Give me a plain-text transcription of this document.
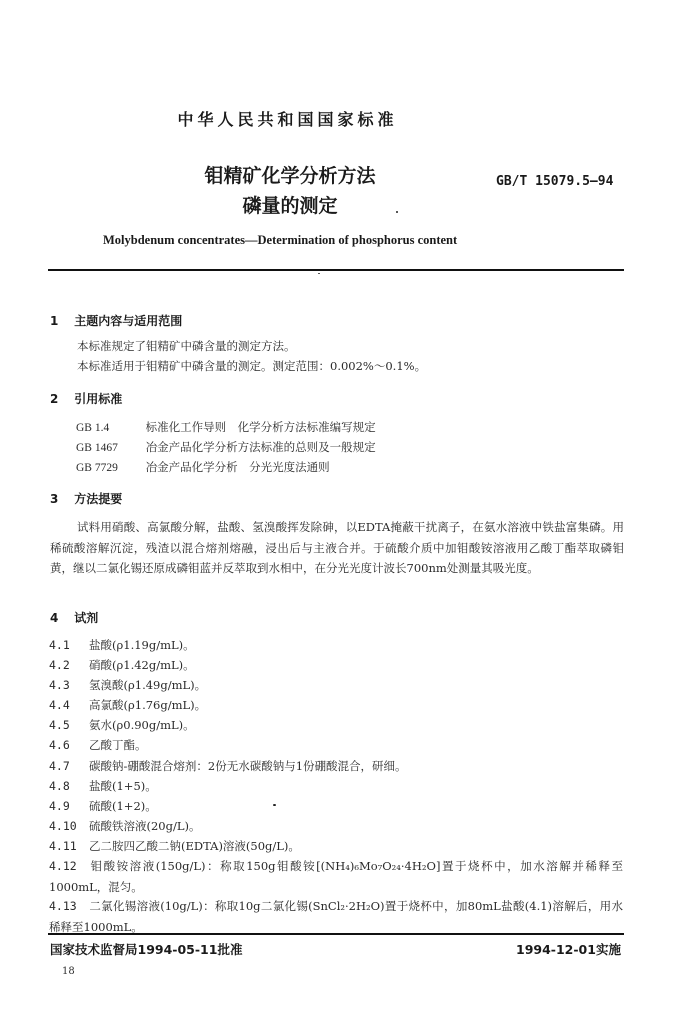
中华人民共和国国家标准
钼精矿化学分析方法
磷量的测定
GB/T 15079.5—94
Molybdenum concentrates—Determination of phosphorus content
1 主题内容与适用范围
本标准规定了钼精矿中磷含量的测定方法。
本标准适用于钼精矿中磷含量的测定。测定范围：0.002%～0.1%。
2 引用标准
GB 1.4	标准化工作导则　化学分析方法标准编写规定
GB 1467 冶金产品化学分析方法标准的总则及一般规定
GB 7729 冶金产品化学分析　分光光度法通则
3 方法提要
试料用硝酸、高氯酸分解，盐酸、氢溴酸挥发除砷，以EDTA掩蔽干扰离子，在氨水溶液中铁盐富集磷。用稀硫酸溶解沉淀，残渣以混合熔剂熔融，浸出后与主液合并。于硫酸介质中加钼酸铵溶液用乙酸丁酯萃取磷钼黄，继以二氯化锡还原成磷钼蓝并反萃取到水相中，在分光光度计波长700nm处测量其吸光度。
4 试剂
4.1 盐酸(ρ1.19g/mL)。
4.2 硝酸(ρ1.42g/mL)。
4.3 氢溴酸(ρ1.49g/mL)。
4.4 高氯酸(ρ1.76g/mL)。
4.5 氨水(ρ0.90g/mL)。
4.6 乙酸丁酯。
4.7 碳酸钠-硼酸混合熔剂：2份无水碳酸钠与1份硼酸混合，研细。
4.8 盐酸(1+5)。
4.9 硫酸(1+2)。
4.10 硫酸铁溶液(20g/L)。
4.11 乙二胺四乙酸二钠(EDTA)溶液(50g/L)。
4.12 钼酸铵溶液(150g/L)：称取150g钼酸铵[(NH₄)₆Mo₇O₂₄·4H₂O]置于烧杯中，加水溶解并稀释至1000mL，混匀。
4.13 二氯化锡溶液(10g/L)：称取10g二氯化锡(SnCl₂·2H₂O)置于烧杯中，加80mL盐酸(4.1)溶解后，用水稀释至1000mL。
国家技术监督局1994-05-11批准	1994-12-01实施
18
